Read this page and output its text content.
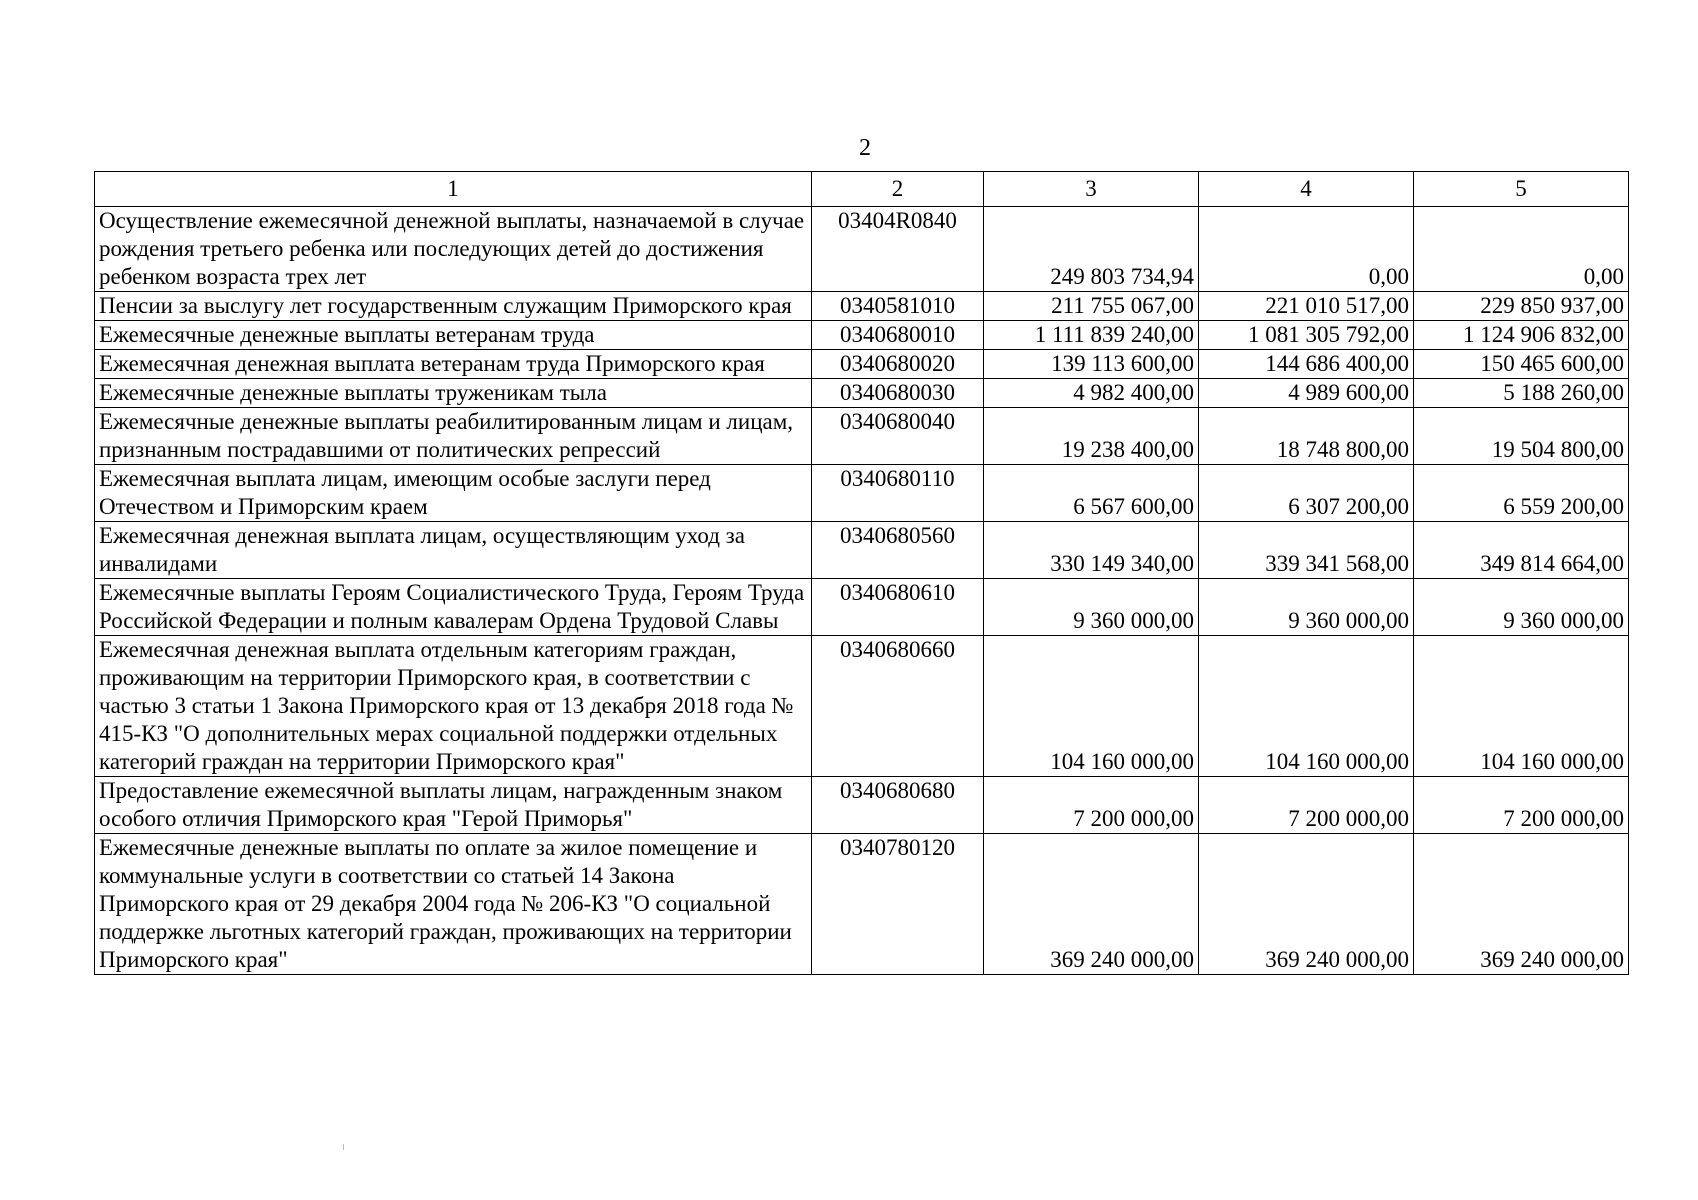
2
1	2	3	4	5
Осуществление ежемесячной денежной выплаты, назначаемой в случае рождения третьего ребенка или последующих детей до достижения ребенком возраста трех лет	03404R0840	249 803 734,94	0,00	0,00
Пенсии за выслугу лет государственным служащим Приморского края	0340581010	211 755 067,00	221 010 517,00	229 850 937,00
Ежемесячные денежные выплаты ветеранам труда	0340680010	1 111 839 240,00	1 081 305 792,00	1 124 906 832,00
Ежемесячная денежная выплата ветеранам труда Приморского края	0340680020	139 113 600,00	144 686 400,00	150 465 600,00
Ежемесячные денежные выплаты труженикам тыла	0340680030	4 982 400,00	4 989 600,00	5 188 260,00
Ежемесячные денежные выплаты реабилитированным лицам и лицам, признанным пострадавшими от политических репрессий	0340680040	19 238 400,00	18 748 800,00	19 504 800,00
Ежемесячная выплата лицам, имеющим особые заслуги перед Отечеством и Приморским краем	0340680110	6 567 600,00	6 307 200,00	6 559 200,00
Ежемесячная денежная выплата лицам, осуществляющим уход за инвалидами	0340680560	330 149 340,00	339 341 568,00	349 814 664,00
Ежемесячные выплаты Героям Социалистического Труда, Героям Труда Российской Федерации и полным кавалерам Ордена Трудовой Славы	0340680610	9 360 000,00	9 360 000,00	9 360 000,00
Ежемесячная денежная выплата отдельным категориям граждан, проживающим на территории Приморского края, в соответствии с частью 3 статьи 1 Закона Приморского края от 13 декабря 2018 года № 415-КЗ "О дополнительных мерах социальной поддержки отдельных категорий граждан на территории Приморского края"	0340680660	104 160 000,00	104 160 000,00	104 160 000,00
Предоставление ежемесячной выплаты лицам, награжденным знаком особого отличия Приморского края "Герой Приморья"	0340680680	7 200 000,00	7 200 000,00	7 200 000,00
Ежемесячные денежные выплаты по оплате за жилое помещение и коммунальные услуги в соответствии со статьей 14 Закона Приморского края от 29 декабря 2004 года № 206-КЗ "О социальной поддержке льготных категорий граждан, проживающих на территории Приморского края"	0340780120	369 240 000,00	369 240 000,00	369 240 000,00
